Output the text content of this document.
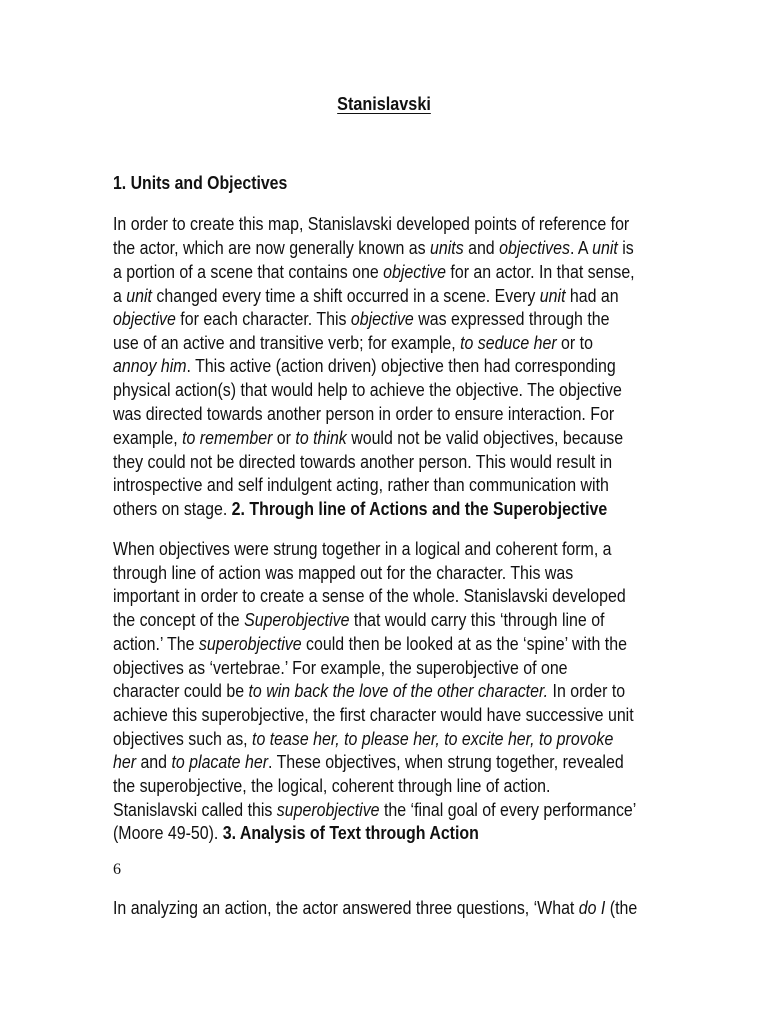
Stanislavski
1. Units and Objectives
In order to create this map, Stanislavski developed points of reference for
the actor, which are now generally known as units and objectives. A unit is
a portion of a scene that contains one objective for an actor. In that sense,
a unit changed every time a shift occurred in a scene. Every unit had an
objective for each character. This objective was expressed through the
use of an active and transitive verb; for example, to seduce her or to
annoy him. This active (action driven) objective then had corresponding
physical action(s) that would help to achieve the objective. The objective
was directed towards another person in order to ensure interaction. For
example, to remember or to think would not be valid objectives, because
they could not be directed towards another person. This would result in
introspective and self indulgent acting, rather than communication with
others on stage. 2. Through line of Actions and the Superobjective
When objectives were strung together in a logical and coherent form, a
through line of action was mapped out for the character. This was
important in order to create a sense of the whole. Stanislavski developed
the concept of the Superobjective that would carry this ‘through line of
action.’ The superobjective could then be looked at as the ‘spine’ with the
objectives as ‘vertebrae.’ For example, the superobjective of one
character could be to win back the love of the other character. In order to
achieve this superobjective, the first character would have successive unit
objectives such as, to tease her, to please her, to excite her, to provoke
her and to placate her. These objectives, when strung together, revealed
the superobjective, the logical, coherent through line of action.
Stanislavski called this superobjective the ‘final goal of every performance’
(Moore 49-50). 3. Analysis of Text through Action
6
In analyzing an action, the actor answered three questions, ‘What do I (the
